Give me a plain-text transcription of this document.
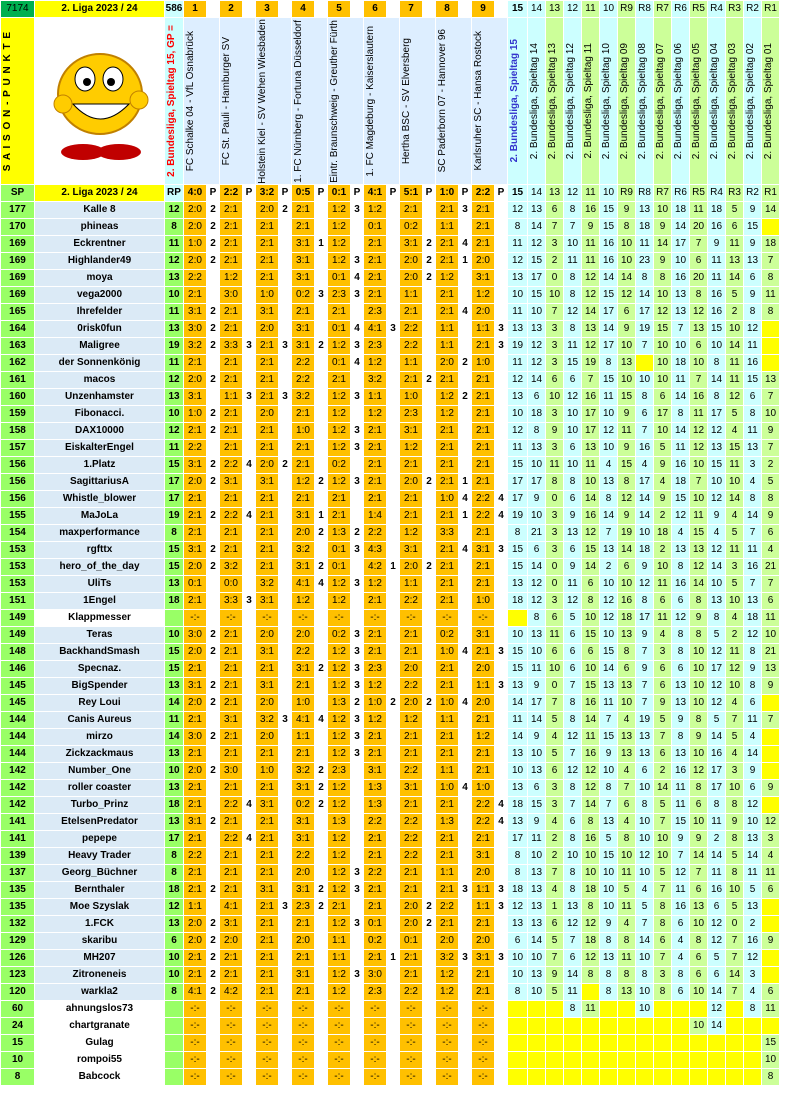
7174	2. Liga 2023 / 24	586	1		2		3		4		5		6		7		8		9		15	14	13	12	11	10	R9	R8	R7	R6	R5	R4	R3	R2	R1

S A I S O N - P U N K T E		2. Bundesliga, Spieltag 15, GP =	FC Schalke 04 - VfL Osnabrück		FC St. Pauli - Hamburger SV		Holstein Kiel - SV Wehen Wiesbaden		1. FC Nürnberg - Fortuna Düsseldorf		Eintr. Braunschweig - Greuther Fürth		1. FC Magdeburg - Kaiserslautern		Hertha BSC - SV Elversberg		SC Paderborn 07 - Hannover 96		Karlsruher SC - Hansa Rostock		2. Bundesliga, Spieltag 15	2. Bundesliga, Spieltag 14	2. Bundesliga, Spieltag 13	2. Bundesliga, Spieltag 12	2. Bundesliga, Spieltag 11	2. Bundesliga, Spieltag 10	2. Bundesliga, Spieltag 09	2. Bundesliga, Spieltag 08	2. Bundesliga, Spieltag 07	2. Bundesliga, Spieltag 06	2. Bundesliga, Spieltag 05	2. Bundesliga, Spieltag 04	2. Bundesliga, Spieltag 03	2. Bundesliga, Spieltag 02	2. Bundesliga, Spieltag 01

SP	2. Liga 2023 / 24	RP	4:0	P	2:2	P	3:2	P	0:5	P	0:1	P	4:1	P	5:1	P	1:0	P	2:2	P	15	14	13	12	11	10	R9	R8	R7	R6	R5	R4	R3	R2	R1
177	Kalle 8	12	2:0	2	2:1		2:0	2	2:1		1:2	3	1:2		2:1		2:1	3	2:1		12	13	6	8	16	15	9	13	10	18	11	18	5	9	14
170	phineas	8	2:0	2	2:1		2:1		2:1		1:2		0:1		0:2		1:1		2:1		8	14	7	7	9	15	8	18	9	14	20	16	6	15	
169	Eckrentner	11	1:0	2	2:1		2:1		3:1	1	1:2		2:1		3:1	2	2:1	4	2:1		11	12	3	10	11	16	10	11	14	17	7	9	11	9	18
169	Highlander49	12	2:0	2	2:1		2:1		3:1		1:2	3	2:1		2:0	2	2:1	1	2:0		12	15	2	11	11	16	10	23	9	10	6	11	13	13	7
169	moya	13	2:2		1:2		2:1		3:1		0:1	4	2:1		2:0	2	1:2		3:1		13	17	0	8	12	14	14	8	8	16	20	11	14	6	8
169	vega2000	10	2:1		3:0		1:0		0:2	3	2:3	3	2:1		1:1		2:1		1:2		10	15	10	8	12	15	12	14	10	13	8	16	5	9	11
165	Ihrefelder	11	3:1	2	2:1		3:1		2:1		2:1		2:3		2:1		2:1	4	2:0		11	10	7	12	14	17	6	17	12	13	12	16	2	8	8
164	0risk0fun	13	3:0	2	2:1		2:0		3:1		0:1	4	4:1	3	2:2		1:1		1:1	3	13	13	3	8	13	14	9	19	15	7	13	15	10	12	
163	Maligree	19	3:2	2	3:3	3	2:1	3	3:1	2	1:2	3	2:3		2:2		1:1		2:1	3	19	12	3	11	12	17	10	7	10	10	6	10	14	11	
162	der Sonnenkönig	11	2:1		2:1		2:1		2:2		0:1	4	1:2		1:1		2:0	2	1:0		11	12	3	15	19	8	13		10	18	10	8	11	16	
161	macos	12	2:0	2	2:1		2:1		2:2		2:1		3:2		2:1	2	2:1		2:1		12	14	6	6	7	15	10	10	10	11	7	14	11	15	13
160	Unzenhamster	13	3:1		1:1	3	2:1	3	3:2		1:2	3	1:1		1:0		1:2	2	2:1		13	6	10	12	16	11	15	8	6	14	16	8	12	6	7
159	Fibonacci.	10	1:0	2	2:1		2:0		2:1		1:2		1:2		2:3		1:2		2:1		10	18	3	10	17	10	9	6	17	8	11	17	5	8	10
158	DAX10000	12	2:1	2	2:1		2:1		1:0		1:2	3	2:1		3:1		2:1		2:1		12	8	9	10	17	12	11	7	10	14	12	12	4	11	9
157	EiskalterEngel	11	2:2		2:1		2:1		2:1		1:2	3	2:1		1:2		2:1		2:1		11	13	3	6	13	10	9	16	5	11	12	13	15	13	7
156	1.Platz	15	3:1	2	2:2	4	2:0	2	2:1		0:2		2:1		2:1		2:1		2:1		15	10	11	10	11	4	15	4	9	16	10	15	11	3	2
156	SagittariusA	17	2:0	2	3:1		3:1		1:2	2	1:2	3	2:1		2:0	2	2:1	1	2:1		17	17	8	8	10	13	8	17	4	18	7	10	10	4	5
156	Whistle_blower	17	2:1		2:1		2:1		2:1		2:1		2:1		2:1		1:0	4	2:2	4	17	9	0	6	14	8	12	14	9	15	10	12	14	8	8
155	MaJoLa	19	2:1	2	2:2	4	2:1		3:1	1	2:1		1:4		2:1		2:1	1	2:2	4	19	10	3	9	16	14	9	14	2	12	11	9	4	14	9
154	maxperformance	8	2:1		2:1		2:1		2:0	2	1:3	2	2:2		1:2		3:3		2:1		8	21	3	13	12	7	19	10	18	4	15	4	5	7	6
153	rgfttx	15	3:1	2	2:1		2:1		3:2		0:1	3	4:3		3:1		2:1	4	3:1	3	15	6	3	6	15	13	14	18	2	13	13	12	11	11	4
153	hero_of_the_day	15	2:0	2	3:2		2:1		3:1	2	0:1		4:2	1	2:0	2	2:1		2:1		15	14	0	9	14	2	6	9	10	8	12	14	3	16	21
153	UliTs	13	0:1		0:0		3:2		4:1	4	1:2	3	1:2		1:1		2:1		2:1		13	12	0	11	6	10	10	12	11	16	14	10	5	7	7
151	1Engel	18	2:1		3:3	3	3:1		1:2		1:2		2:1		2:2		2:1		1:0		18	12	3	12	8	12	16	8	6	6	8	13	10	13	6
149	Klappmesser		-:-		-:-		-:-		-:-		-:-		-:-		-:-		-:-		-:-			8	6	5	10	12	18	17	11	12	9	8	4	18	11
149	Teras	10	3:0	2	2:1		2:0		2:0		0:2	3	2:1		2:1		0:2		3:1		10	13	11	6	15	10	13	9	4	8	8	5	2	12	10
148	BackhandSmash	15	2:0	2	2:1		3:1		2:2		1:2	3	2:1		2:1		1:0	4	2:1	3	15	10	6	6	6	15	8	7	3	8	10	12	11	8	21
146	Specnaz.	15	2:1		2:1		2:1		3:1	2	1:2	3	2:3		2:0		2:1		2:0		15	11	10	6	10	14	6	9	6	6	10	17	12	9	13
145	BigSpender	13	3:1	2	2:1		3:1		2:1		1:2	3	1:2		2:2		2:1		1:1	3	13	9	0	7	15	13	13	7	6	13	10	12	10	8	9
145	Rey Loui	14	2:0	2	2:1		2:0		1:0		1:3	2	1:0	2	2:0	2	1:0	4	2:0		14	17	7	8	16	11	10	7	9	13	10	12	4	6	
144	Canis Aureus	11	2:1		3:1		3:2	3	4:1	4	1:2	3	1:2		1:2		1:1		2:1		11	14	5	8	14	7	4	19	5	9	8	5	7	11	7
144	mirzo	14	3:0	2	2:1		2:0		1:1		1:2	3	2:1		2:1		2:1		1:2		14	9	4	12	11	15	13	13	7	8	9	14	5	4	
144	Zickzackmaus	13	2:1		2:1		2:1		2:1		1:2	3	2:1		2:1		2:1		2:1		13	10	5	7	16	9	13	13	6	13	10	16	4	14	
142	Number_One	10	2:0	2	3:0		1:0		3:2	2	2:3		3:1		2:2		1:1		2:1		10	13	6	12	12	10	4	6	2	16	12	17	3	9	
142	roller coaster	13	2:1		2:1		2:1		3:1	2	1:2		1:3		3:1		1:0	4	1:0		13	6	3	8	12	8	7	10	14	11	8	17	10	6	9
142	Turbo_Prinz	18	2:1		2:2	4	3:1		0:2	2	1:2		1:3		2:1		2:1		2:2	4	18	15	3	7	14	7	6	8	5	11	6	8	8	12	
141	EtelsenPredator	13	3:1	2	2:1		2:1		3:1		1:3		2:2		2:2		1:3		2:2	4	13	9	4	6	8	13	4	10	7	15	10	11	9	10	12
141	pepepe	17	2:1		2:2	4	2:1		3:1		1:2		2:1		2:2		2:1		2:1		17	11	2	8	16	5	8	10	10	9	9	2	8	13	3
139	Heavy Trader	8	2:2		2:1		2:1		2:2		1:2		2:1		2:2		2:1		3:1		8	10	2	10	10	15	10	12	10	7	14	14	5	14	4
137	Georg_Büchner	8	2:1		2:1		2:1		2:0		1:2	3	2:2		2:1		1:1		2:0		8	13	7	8	10	10	11	10	5	12	7	11	8	11	11
135	Bernthaler	18	2:1	2	2:1		3:1		3:1	2	1:2	3	2:1		2:1		2:1	3	1:1	3	18	13	4	8	18	10	5	4	7	11	6	16	10	5	6
135	Moe Szyslak	12	1:1		4:1		2:1	3	2:3	2	2:1		2:1		2:0	2	2:2		1:1	3	12	13	1	13	8	10	11	5	8	16	13	6	5	13	
132	1.FCK	13	2:0	2	3:1		2:1		2:1		1:2	3	0:1		2:0	2	2:1		2:1		13	13	6	12	12	9	4	7	8	6	10	12	0	2	
129	skaribu	6	2:0	2	2:0		2:1		2:0		1:1		0:2		0:1		2:0		2:0		6	14	5	7	18	8	8	14	6	4	8	12	7	16	9
126	MH207	10	2:1	2	2:1		2:1		2:1		1:1		2:1	1	2:1		3:2	3	3:1	3	10	10	7	6	12	13	11	10	7	4	6	5	7	12	
123	Zitroneneis	10	2:1	2	2:1		2:1		3:1		1:2	3	3:0		2:1		1:2		2:1		10	13	9	14	8	8	8	8	3	8	6	6	14	3	
120	warkla2	8	4:1	2	4:2		2:1		2:1		1:2		2:3		2:2		1:2		2:1		8	10	5	11		8	13	10	8	6	10	14	7	4	6
60	ahnungslos73		-:-		-:-		-:-		-:-		-:-		-:-		-:-		-:-		-:-					8	11			10				12		8	11
24	chartgranate		-:-		-:-		-:-		-:-		-:-		-:-		-:-		-:-		-:-												10	14			
15	Gulag		-:-		-:-		-:-		-:-		-:-		-:-		-:-		-:-		-:-																15
10	rompoi55		-:-		-:-		-:-		-:-		-:-		-:-		-:-		-:-		-:-																10
8	Babcock		-:-		-:-		-:-		-:-		-:-		-:-		-:-		-:-		-:-																8
